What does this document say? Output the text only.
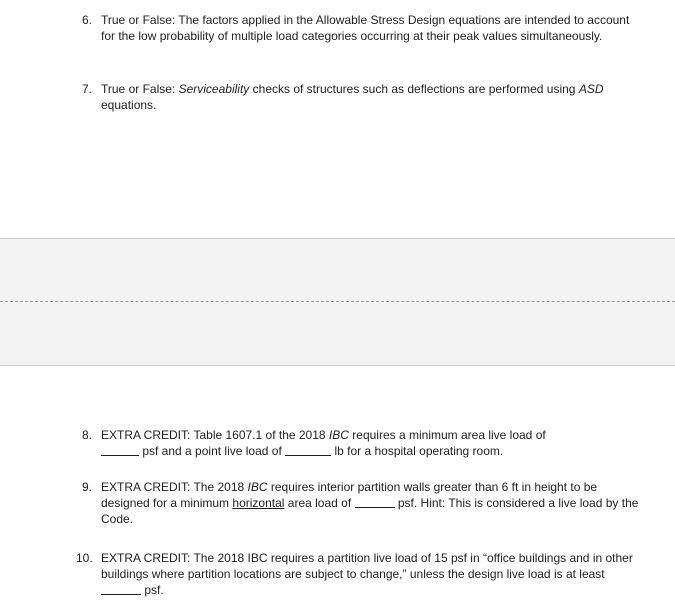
6. True or False: The factors applied in the Allowable Stress Design equations are intended to account for the low probability of multiple load categories occurring at their peak values simultaneously.
7. True or False: Serviceability checks of structures such as deflections are performed using ASD equations.
8. EXTRA CREDIT: Table 1607.1 of the 2018 IBC requires a minimum area live load of
psf and a point live load of	lb for a hospital operating room.
9. EXTRA CREDIT: The 2018 IBC requires interior partition walls greater than 6 ft in height to be designed for a minimum horizontal area load of	psf. Hint: This is considered a live load by the Code.
10. EXTRA CREDIT: The 2018 IBC requires a partition live load of 15 psf in “office buildings and in other buildings where partition locations are subject to change,” unless the design live load is at least  psf.
